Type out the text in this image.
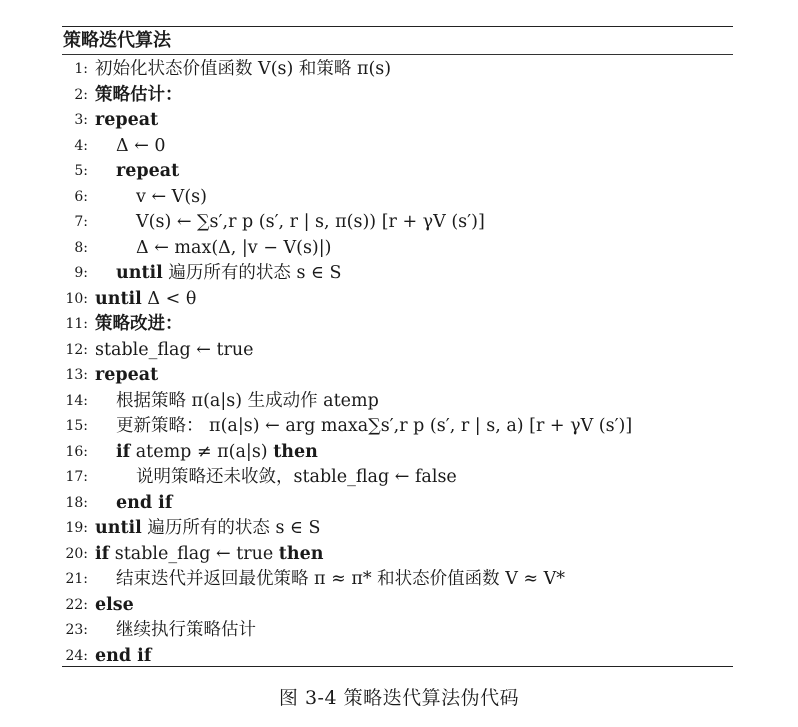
策略迭代算法
1: 初始化状态价值函数 V(s) 和策略 π(s)
2: 策略估计：
3: repeat
4: Δ ← 0
5: repeat
6:	v ← V(s)
7:	V(s) ← ∑s′,r p (s′, r | s, π(s)) [r + γV (s′)]
8:	Δ ← max(Δ, |v − V(s)|)
9: until 遍历所有的状态 s ∈ S
10: until Δ < θ
11: 策略改进：
12: stable_flag ← true
13: repeat
14: 根据策略 π(a|s) 生成动作 atemp
15: 更新策略： π(a|s) ← arg maxa∑s′,r p (s′, r | s, a) [r + γV (s′)]
16: if atemp ≠ π(a|s) then
17:	说明策略还未收敛，stable_flag ← false
18: end if
19: until 遍历所有的状态 s ∈ S
20: if stable_flag ← true then
21: 结束迭代并返回最优策略 π ≈ π* 和状态价值函数 V ≈ V*
22: else
23: 继续执行策略估计
24: end if
图 3-4 策略迭代算法伪代码
